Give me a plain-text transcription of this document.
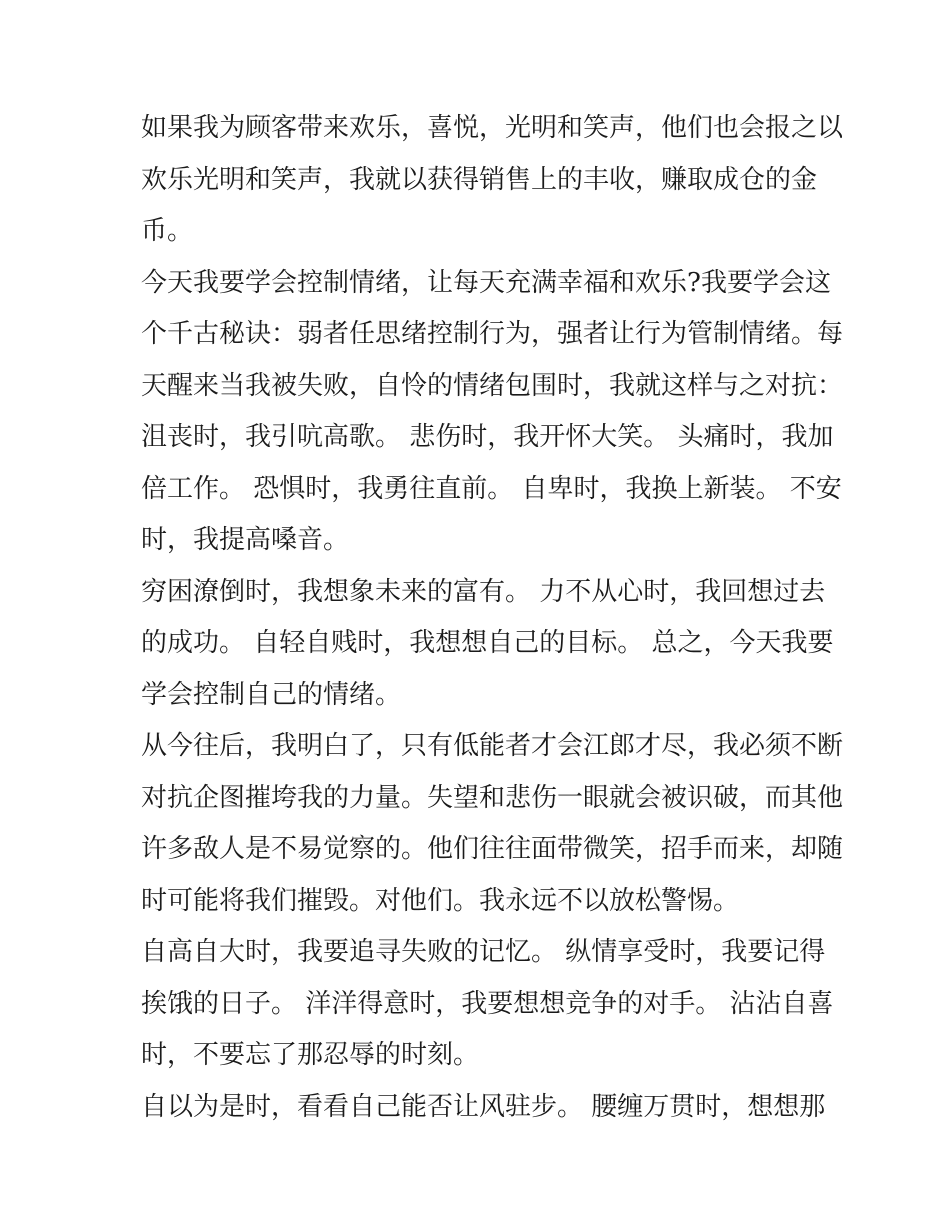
如果我为顾客带来欢乐，喜悦，光明和笑声，他们也会报之以
欢乐光明和笑声，我就以获得销售上的丰收，赚取成仓的金
币。

今天我要学会控制情绪，让每天充满幸福和欢乐?我要学会这
个千古秘诀：弱者任思绪控制行为，强者让行为管制情绪。每
天醒来当我被失败，自怜的情绪包围时，我就这样与之对抗：
沮丧时，我引吭高歌。 悲伤时，我开怀大笑。 头痛时，我加
倍工作。 恐惧时，我勇往直前。 自卑时，我换上新装。 不安
时，我提高嗓音。

穷困潦倒时，我想象未来的富有。 力不从心时，我回想过去
的成功。 自轻自贱时，我想想自己的目标。 总之，今天我要
学会控制自己的情绪。

从今往后，我明白了，只有低能者才会江郎才尽，我必须不断
对抗企图摧垮我的力量。失望和悲伤一眼就会被识破，而其他
许多敌人是不易觉察的。他们往往面带微笑，招手而来，却随
时可能将我们摧毁。对他们。我永远不以放松警惕。

自高自大时，我要追寻失败的记忆。 纵情享受时，我要记得
挨饿的日子。 洋洋得意时，我要想想竞争的对手。 沾沾自喜
时，不要忘了那忍辱的时刻。

自以为是时，看看自己能否让风驻步。 腰缠万贯时，想想那
